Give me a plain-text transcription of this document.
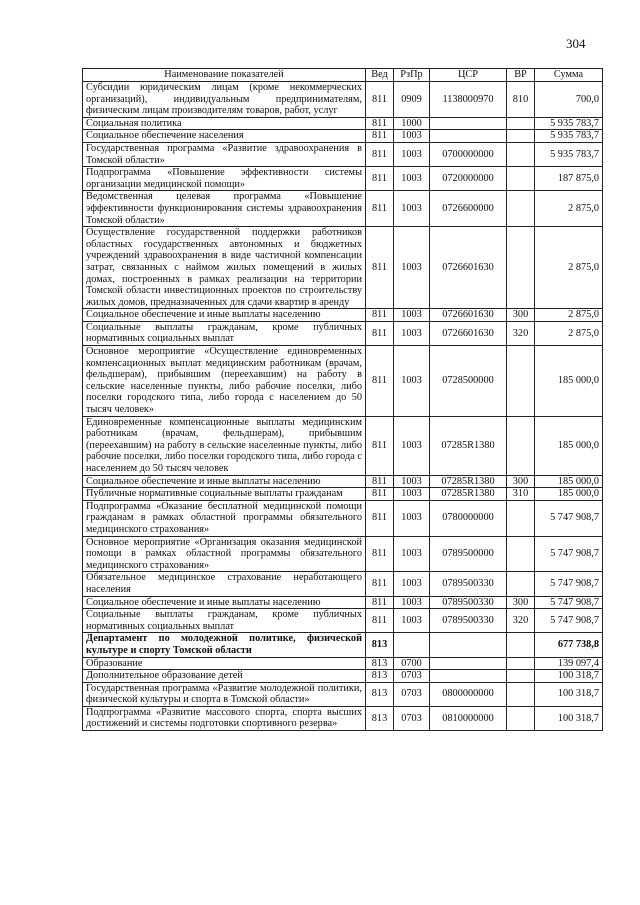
304
Наименование показателей	Вед	РзПр	ЦСР	ВР	Сумма
Субсидии юридическим лицам (кроме некоммерческих организаций), индивидуальным предпринимателям, физическим лицам производителям товаров, работ, услуг	811	0909	1138000970	810	700,0
Социальная политика	811	1000			5 935 783,7
Социальное обеспечение населения	811	1003			5 935 783,7
Государственная программа «Развитие здравоохранения в Томской области»	811	1003	0700000000		5 935 783,7
Подпрограмма «Повышение эффективности системы организации медицинской помощи»	811	1003	0720000000		187 875,0
Ведомственная целевая программа «Повышение эффективности функционирования системы здравоохранения Томской области»	811	1003	0726600000		2 875,0
Осуществление государственной поддержки работников областных государственных автономных и бюджетных учреждений здравоохранения в виде частичной компенсации затрат, связанных с наймом жилых помещений в жилых домах, построенных в рамках реализации на территории Томской области инвестиционных проектов по строительству жилых домов, предназначенных для сдачи квартир в аренду	811	1003	0726601630		2 875,0
Социальное обеспечение и иные выплаты населению	811	1003	0726601630	300	2 875,0
Социальные выплаты гражданам, кроме публичных нормативных социальных выплат	811	1003	0726601630	320	2 875,0
Основное мероприятие «Осуществление единовременных компенсационных выплат медицинским работникам (врачам, фельдшерам), прибывшим (переехавшим) на работу в сельские населенные пункты, либо рабочие поселки, либо поселки городского типа, либо города с населением до 50 тысяч человек»	811	1003	0728500000		185 000,0
Единовременные компенсационные выплаты медицинским работникам (врачам, фельдшерам), прибывшим (переехавшим) на работу в сельские населенные пункты, либо рабочие поселки, либо поселки городского типа, либо города с населением до 50 тысяч человек	811	1003	07285R1380		185 000,0
Социальное обеспечение и иные выплаты населению	811	1003	07285R1380	300	185 000,0
Публичные нормативные социальные выплаты гражданам	811	1003	07285R1380	310	185 000,0
Подпрограмма «Оказание бесплатной медицинской помощи гражданам в рамках областной программы обязательного медицинского страхования»	811	1003	0780000000		5 747 908,7
Основное мероприятие «Организация оказания медицинской помощи в рамках областной программы обязательного медицинского страхования»	811	1003	0789500000		5 747 908,7
Обязательное медицинское страхование неработающего населения	811	1003	0789500330		5 747 908,7
Социальное обеспечение и иные выплаты населению	811	1003	0789500330	300	5 747 908,7
Социальные выплаты гражданам, кроме публичных нормативных социальных выплат	811	1003	0789500330	320	5 747 908,7
Департамент по молодежной политике, физической культуре и спорту Томской области	813				677 738,8
Образование	813	0700			139 097,4
Дополнительное образование детей	813	0703			100 318,7
Государственная программа «Развитие молодежной политики, физической культуры и спорта в Томской области»	813	0703	0800000000		100 318,7
Подпрограмма «Развитие массового спорта, спорта высших достижений и системы подготовки спортивного резерва»	813	0703	0810000000		100 318,7
